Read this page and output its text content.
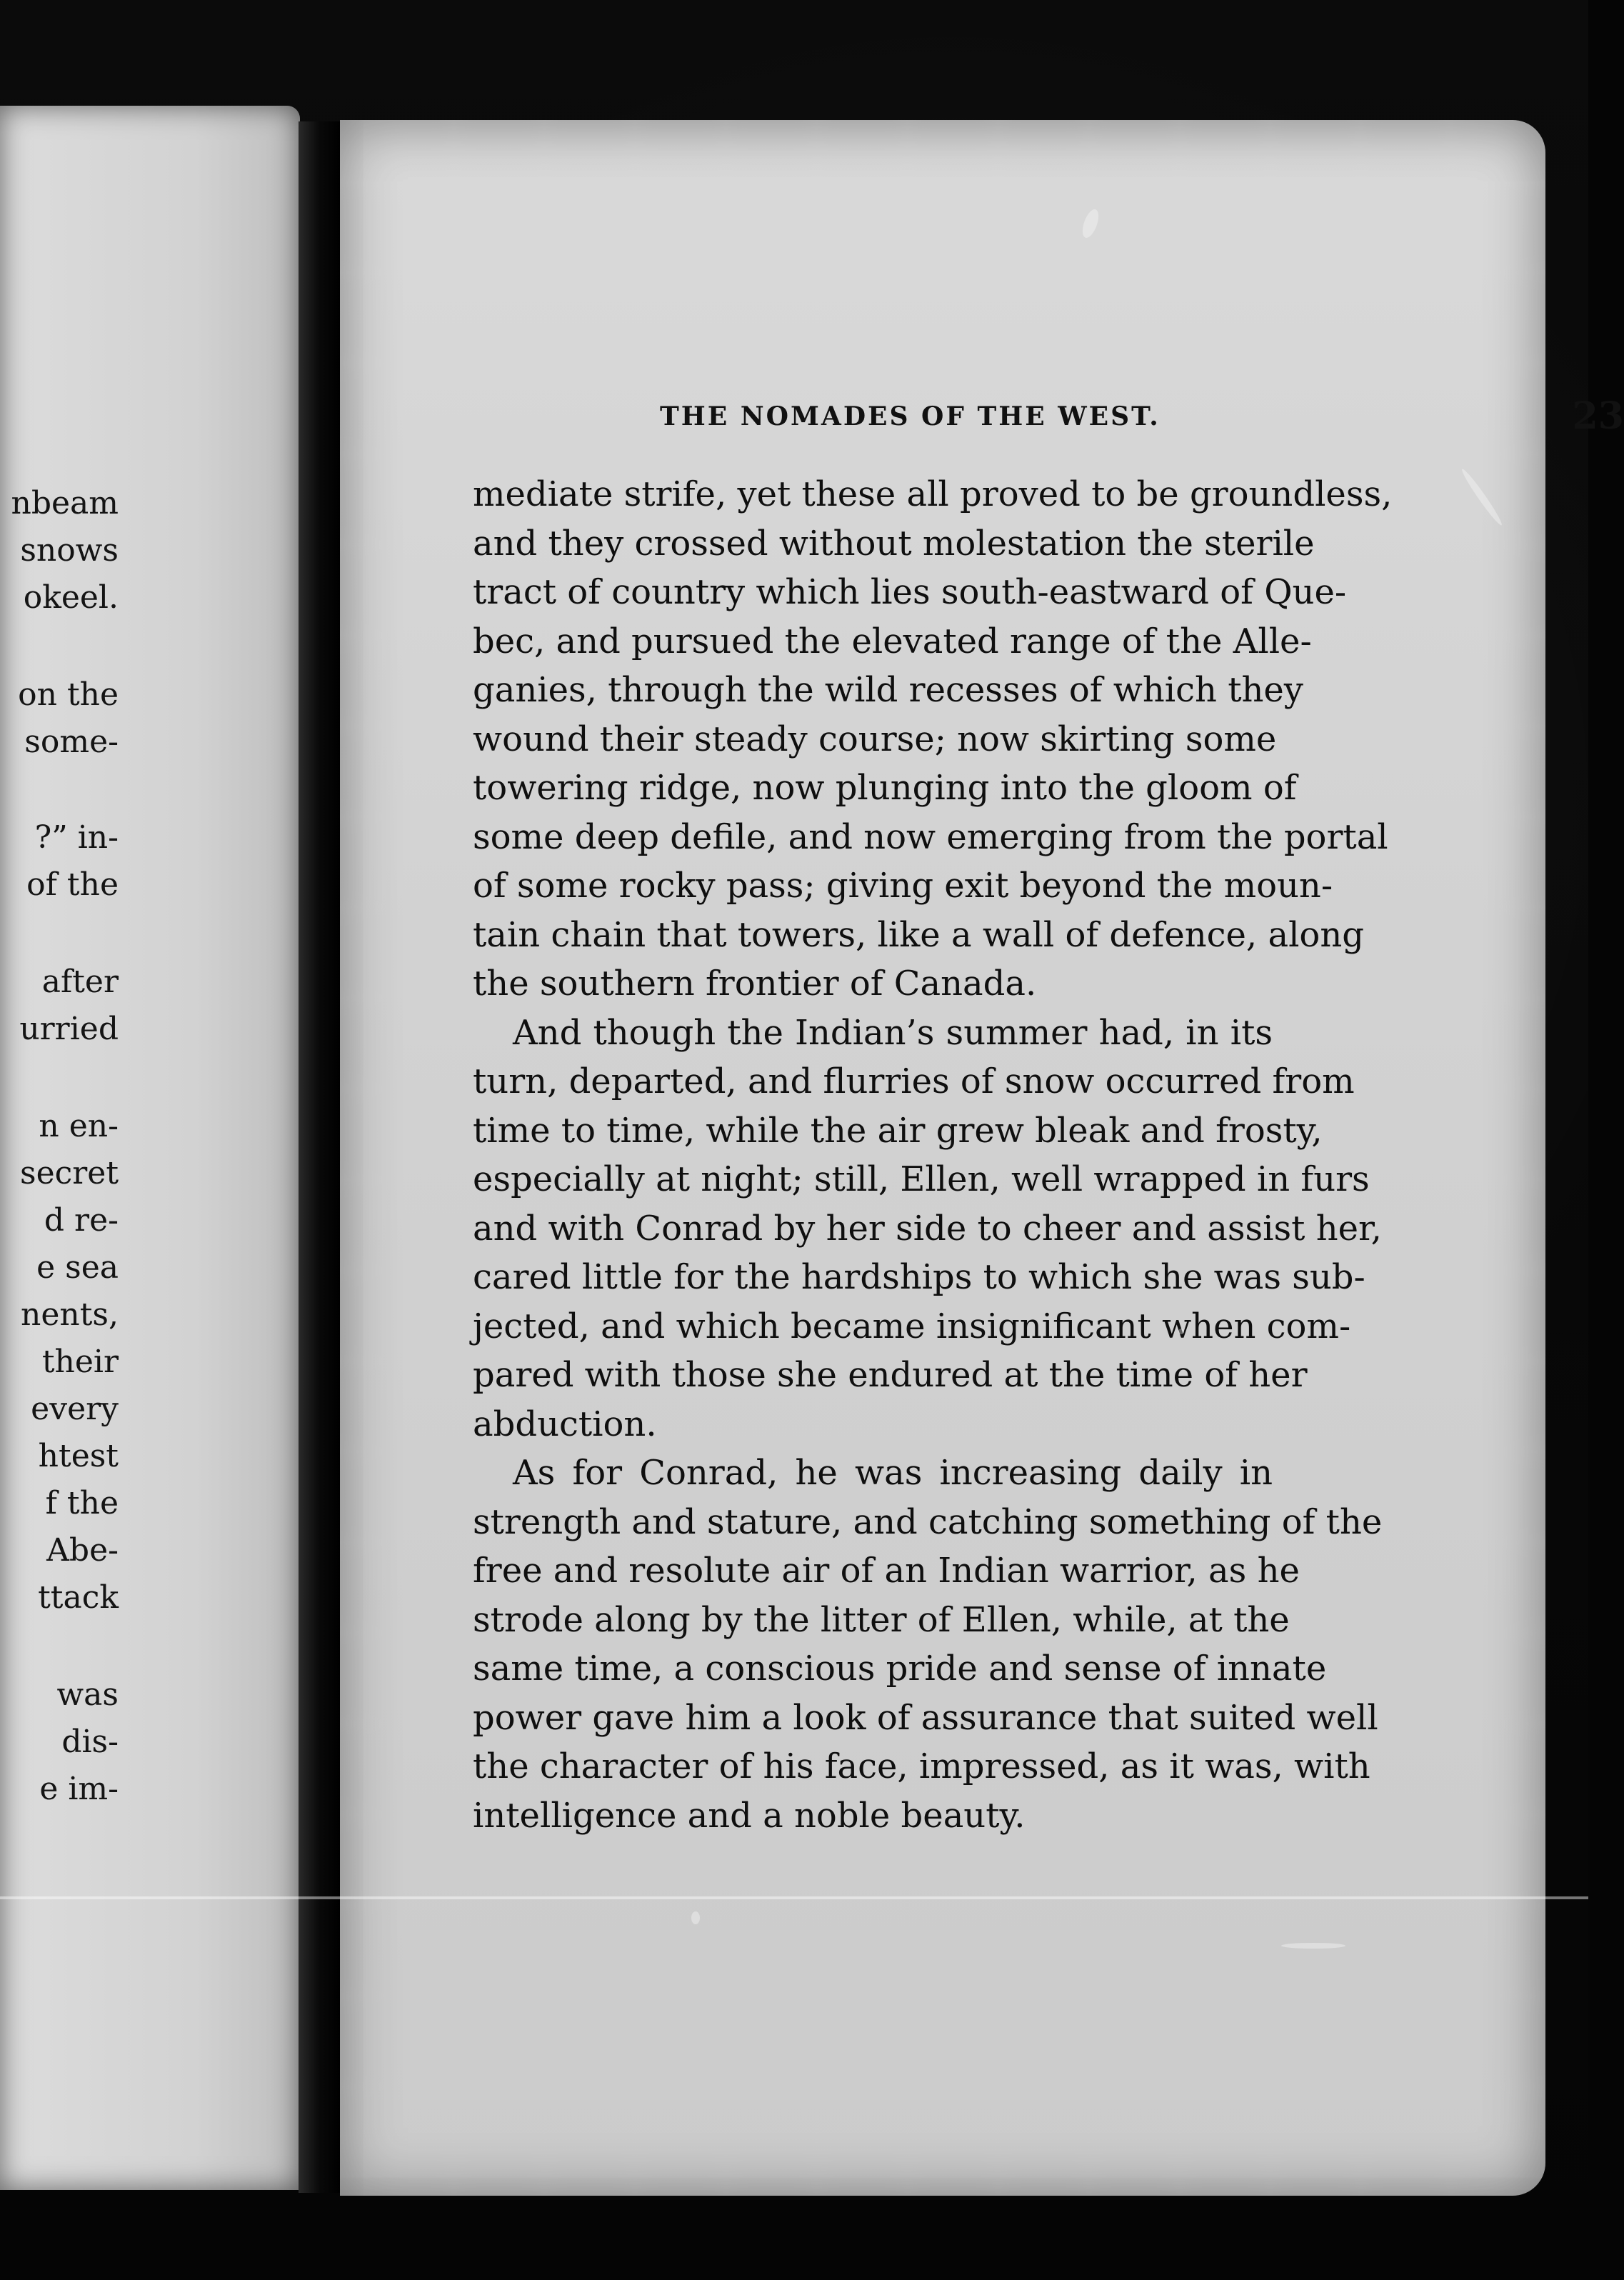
nbeam
snows
okeel.
on the
some-
?” in-
of the
after
urried
n en-
secret
d re-
e sea
nents,
their
every
htest
f the
Abe-
ttack
was
dis-
e im-
THE NOMADES OF THE WEST.	23

mediate strife, yet these all proved to be groundless,
and they crossed without molestation the sterile
tract of country which lies south-eastward of Que-
bec, and pursued the elevated range of the Alle-
ganies, through the wild recesses of which they
wound their steady course; now skirting some
towering ridge, now plunging into the gloom of
some deep defile, and now emerging from the portal
of some rocky pass; giving exit beyond the moun-
tain chain that towers, like a wall of defence, along
the southern frontier of Canada.

And though the Indian’s summer had, in its
turn, departed, and flurries of snow occurred from
time to time, while the air grew bleak and frosty,
especially at night; still, Ellen, well wrapped in furs
and with Conrad by her side to cheer and assist her,
cared little for the hardships to which she was sub-
jected, and which became insignificant when com-
pared with those she endured at the time of her
abduction.

As for Conrad, he was increasing daily in
strength and stature, and catching something of the
free and resolute air of an Indian warrior, as he
strode along by the litter of Ellen, while, at the
same time, a conscious pride and sense of innate
power gave him a look of assurance that suited well
the character of his face, impressed, as it was, with
intelligence and a noble beauty.
